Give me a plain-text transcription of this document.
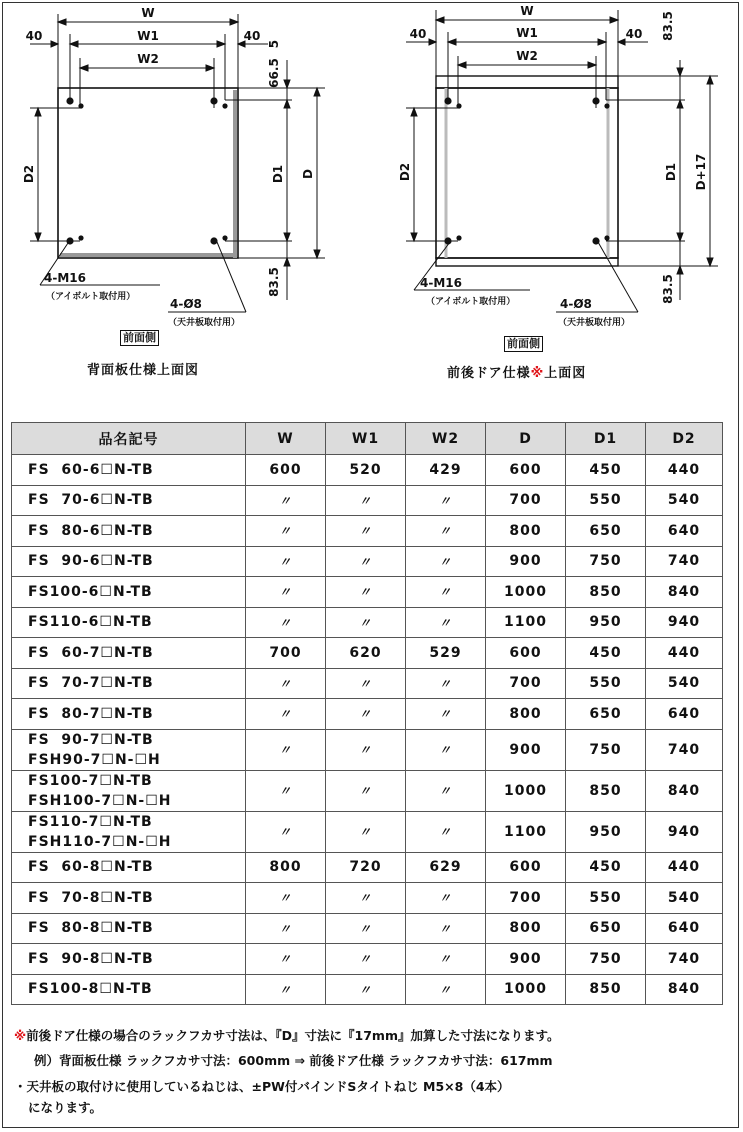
W
W1
W2
40	40
5
66.5
83.5
D
D1
D2
4-M16
（アイボルト取付用）	4-Ø8
（天井板取付用）
前面側
背面板仕様上面図
W
W1
W2
40	40 83.5
83.5
D+17
D1
D2
4-M16
（アイボルト取付用）	4-Ø8
（天井板取付用）
前面側
前後ドア仕様※上面図
品名記号	W	W1	W2	D	D1	D2
FS  60-6☐N-TB	600	520	429	600	450	440
FS  70-6☐N-TB	〃	〃	〃	700	550	540
FS  80-6☐N-TB	〃	〃	〃	800	650	640
FS  90-6☐N-TB	〃	〃	〃	900	750	740
FS100-6☐N-TB	〃	〃	〃	1000	850	840
FS110-6☐N-TB	〃	〃	〃	1100	950	940
FS  60-7☐N-TB	700	620	529	600	450	440
FS  70-7☐N-TB	〃	〃	〃	700	550	540
FS  80-7☐N-TB	〃	〃	〃	800	650	640
FS  90-7☐N-TB
FSH90-7☐N-☐H	〃	〃	〃	900	750	740
FS100-7☐N-TB
FSH100-7☐N-☐H	〃	〃	〃	1000	850	840
FS110-7☐N-TB
FSH110-7☐N-☐H	〃	〃	〃	1100	950	940
FS  60-8☐N-TB	800	720	629	600	450	440
FS  70-8☐N-TB	〃	〃	〃	700	550	540
FS  80-8☐N-TB	〃	〃	〃	800	650	640
FS  90-8☐N-TB	〃	〃	〃	900	750	740
FS100-8☐N-TB	〃	〃	〃	1000	850	840
※前後ドア仕様の場合のラックフカサ寸法は、『D』寸法に『17mm』加算した寸法になります。
例）背面板仕様 ラックフカサ寸法：600mm ⇒ 前後ドア仕様 ラックフカサ寸法：617mm
・天井板の取付けに使用しているねじは、±PW付バインドSタイトねじ M5×8（4本）
になります。
